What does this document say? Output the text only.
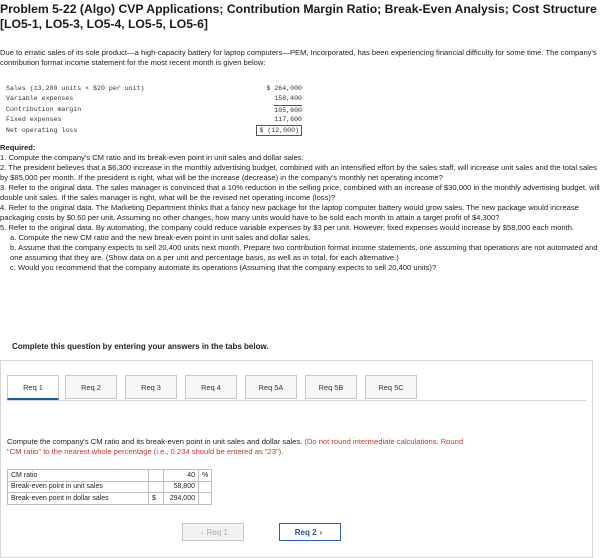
Problem 5-22 (Algo) CVP Applications; Contribution Margin Ratio; Break-Even Analysis; Cost Structure
[LO5-1, LO5-3, LO5-4, LO5-5, LO5-6]
Due to erratic sales of its sole product—a high-capacity battery for laptop computers—PEM, Incorporated, has been experiencing financial difficulty for some time. The company's contribution format income statement for the most recent month is given below:
Sales (13,200 units × $20 per unit)	$ 264,000
Variable expenses	158,400
Contribution margin	105,600
Fixed expenses	117,600
Net operating loss	$ (12,000)
Required:
1. Compute the company's CM ratio and its break-even point in unit sales and dollar sales.
2. The president believes that a $6,300 increase in the monthly advertising budget, combined with an intensified effort by the sales staff, will increase unit sales and the total sales by $85,000 per month. If the president is right, what will be the increase (decrease) in the company's monthly net operating income?
3. Refer to the original data. The sales manager is convinced that a 10% reduction in the selling price, combined with an increase of $30,000 in the monthly advertising budget, will double unit sales. If the sales manager is right, what will be the revised net operating income (loss)?
4. Refer to the original data. The Marketing Department thinks that a fancy new package for the laptop computer battery would grow sales. The new package would increase packaging costs by $0.60 per unit. Assuming no other changes, how many units would have to be sold each month to attain a target profit of $4,300?
5. Refer to the original data. By automating, the company could reduce variable expenses by $3 per unit. However, fixed expenses would increase by $58,000 each month.
a. Compute the new CM ratio and the new break-even point in unit sales and dollar sales.
b. Assume that the company expects to sell 20,400 units next month. Prepare two contribution format income statements, one assuming that operations are not automated and one assuming that they are. (Show data on a per unit and percentage basis, as well as in total, for each alternative.)
c. Would you recommend that the company automate its operations (Assuming that the company expects to sell 20,400 units)?
Complete this question by entering your answers in the tabs below.
Req 1	Req 2	Req 3	Req 4	Req 5A	Req 5B	Req 5C
Compute the company's CM ratio and its break-even point in unit sales and dollar sales. (Do not round intermediate calculations. Round "CM ratio" to the nearest whole percentage (i.e., 0.234 should be entered as "23").
CM ratio		40	%
Break-even point in unit sales		58,800	
Break-even point in dollar sales	$	294,000	
‹ Req 1	Req 2 ›
